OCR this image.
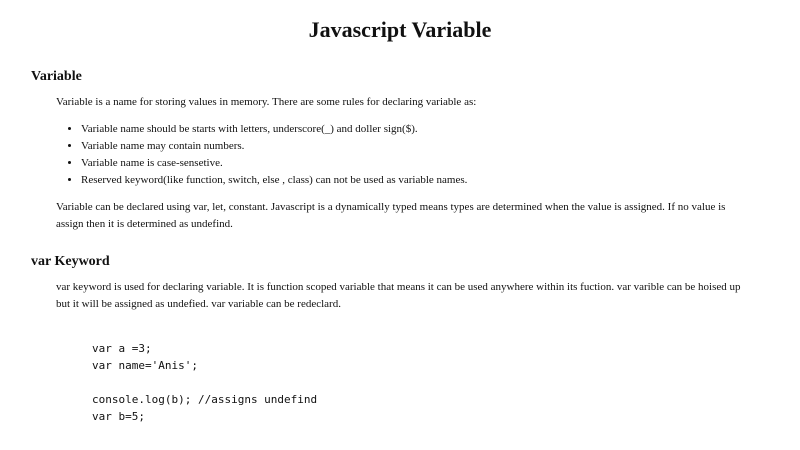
Javascript Variable
Variable

Variable is a name for storing values in memory. There are some rules for declaring variable as:

• Variable name should be starts with letters, underscore(_) and doller sign($).
• Variable name may contain numbers.
• Variable name is case-sensetive.
• Reserved keyword(like function, switch, else , class) can not be used as variable names.

Variable can be declared using var, let, constant. Javascript is a dynamically typed means types are determined when the value is assigned. If no value is assign then it is determined as undefind.

var Keyword

var keyword is used for declaring variable. It is function scoped variable that means it can be used anywhere within its fuction. var varible can be hoised up but it will be assigned as undefied. var variable can be redeclard.

var a =3;
var name='Anis';
console.log(b); //assigns undefind
var b=5;
